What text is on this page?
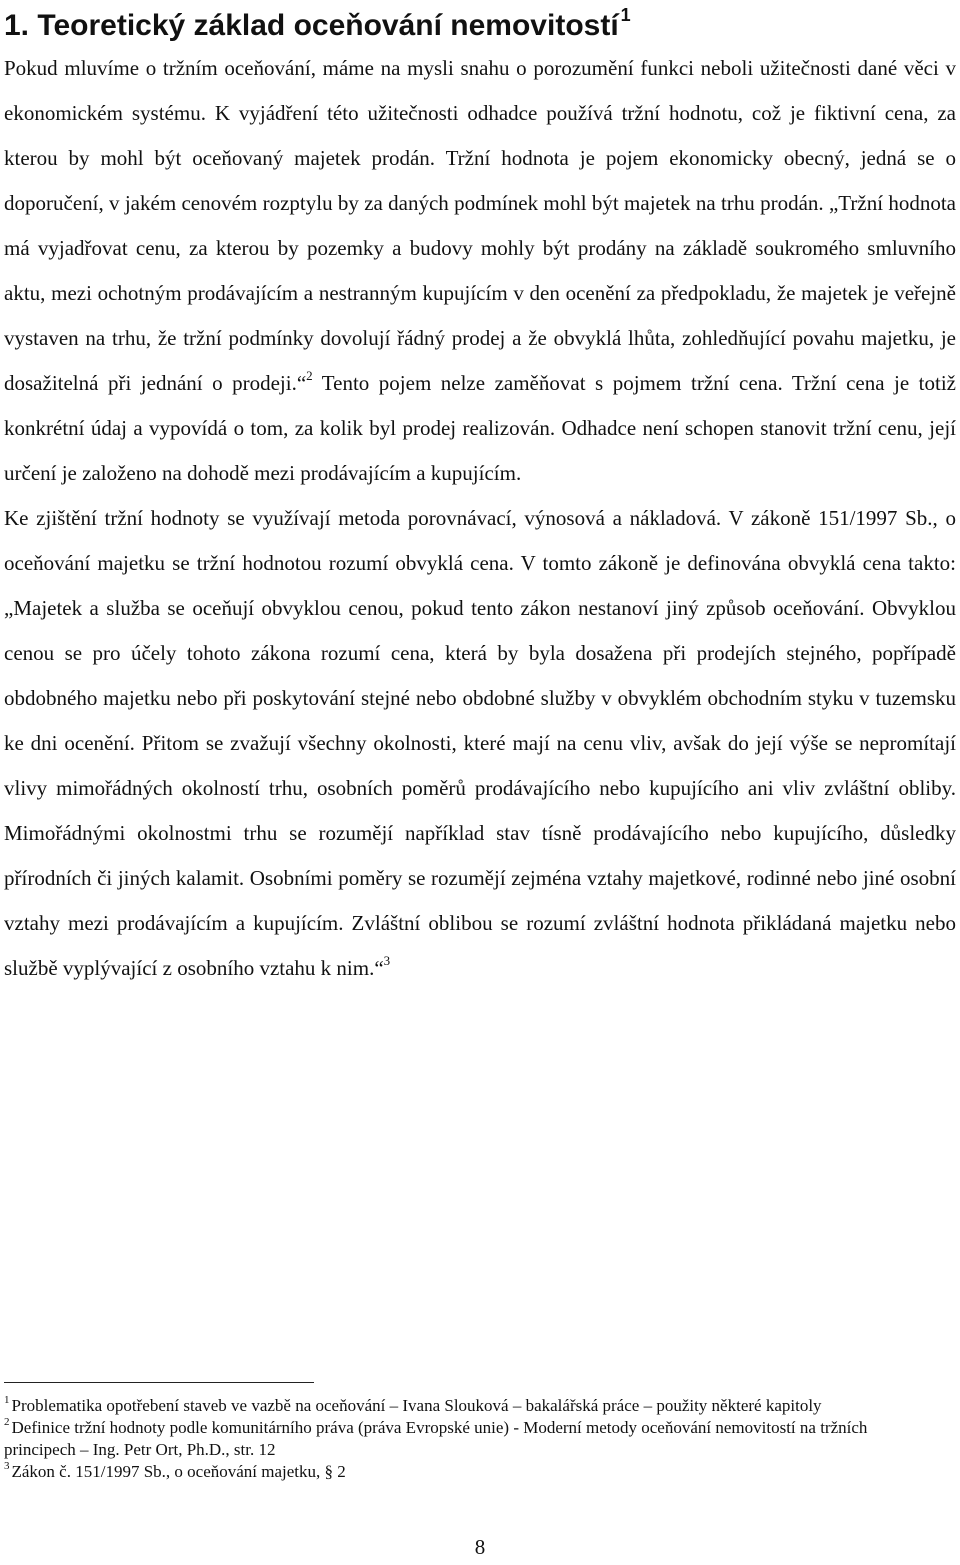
1. Teoretický základ oceňování nemovitostí $^1$

Pokud mluvíme o tržním oceňování, máme na mysli snahu o porozumění funkci neboli užitečnosti dané věci v ekonomickém systému. K vyjádření této užitečnosti odhadce používá tržní hodnotu, což je fiktivní cena, za kterou by mohl být oceňovaný majetek prodán. Tržní hodnota je pojem ekonomicky obecný, jedná se o doporučení, v jakém cenovém rozptylu by za daných podmínek mohl být majetek na trhu prodán. „Tržní hodnota má vyjadřovat cenu, za kterou by pozemky a budovy mohly být prodány na základě soukromého smluvního aktu, mezi ochotným prodávajícím a nestranným kupujícím v den ocenění za předpokladu, že majetek je veřejně vystaven na trhu, že tržní podmínky dovolují řádný prodej a že obvyklá lhůta, zohledňující povahu majetku, je dosažitelná při jednání o prodeji.“$^2$ Tento pojem nelze zaměňovat s pojmem tržní cena. Tržní cena je totiž konkrétní údaj a vypovídá o tom, za kolik byl prodej realizován. Odhadce není schopen stanovit tržní cenu, její určení je založeno na dohodě mezi prodávajícím a kupujícím.

Ke zjištění tržní hodnoty se využívají metoda porovnávací, výnosová a nákladová. V zákoně 151/1997 Sb., o oceňování majetku se tržní hodnotou rozumí obvyklá cena. V tomto zákoně je definována obvyklá cena takto: „Majetek a služba se oceňují obvyklou cenou, pokud tento zákon nestanoví jiný způsob oceňování. Obvyklou cenou se pro účely tohoto zákona rozumí cena, která by byla dosažena při prodejích stejného, popřípadě obdobného majetku nebo při poskytování stejné nebo obdobné služby v obvyklém obchodním styku v tuzemsku ke dni ocenění. Přitom se zvažují všechny okolnosti, které mají na cenu vliv, avšak do její výše se nepromítají vlivy mimořádných okolností trhu, osobních poměrů prodávajícího nebo kupujícího ani vliv zvláštní obliby. Mimořádnými okolnostmi trhu se rozumějí například stav tísně prodávajícího nebo kupujícího, důsledky přírodních či jiných kalamit. Osobními poměry se rozumějí zejména vztahy majetkové, rodinné nebo jiné osobní vztahy mezi prodávajícím a kupujícím. Zvláštní oblibou se rozumí zvláštní hodnota přikládaná majetku nebo službě vyplývající z osobního vztahu k nim.“$^3$

$^1$ Problematika opotřebení staveb ve vazbě na oceňování – Ivana Slouková – bakalářská práce – použity některé kapitoly

$^2$ Definice tržní hodnoty podle komunitárního práva (práva Evropské unie) - Moderní metody oceňování nemovitostí na tržních principech – Ing. Petr Ort, Ph.D., str. 12

$^3$ Zákon č. 151/1997 Sb., o oceňování majetku, § 2

8
